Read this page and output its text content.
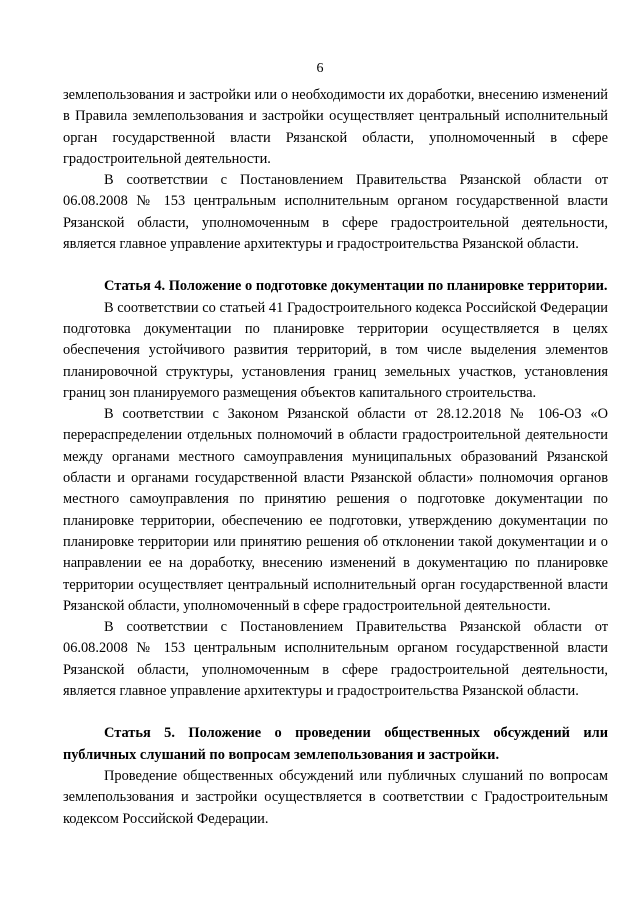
6

землепользования и застройки или о необходимости их доработки, внесению изменений в Правила землепользования и застройки осуществляет центральный исполнительный орган государственной власти Рязанской области, уполномоченный в сфере градостроительной деятельности.

В соответствии с Постановлением Правительства Рязанской области от 06.08.2008 № 153 центральным исполнительным органом государственной власти Рязанской области, уполномоченным в сфере градостроительной деятельности, является главное управление архитектуры и градостроительства Рязанской области.

Статья 4. Положение о подготовке документации по планировке территории.

В соответствии со статьей 41 Градостроительного кодекса Российской Федерации подготовка документации по планировке территории осуществляется в целях обеспечения устойчивого развития территорий, в том числе выделения элементов планировочной структуры, установления границ земельных участков, установления границ зон планируемого размещения объектов капитального строительства.

В соответствии с Законом Рязанской области от 28.12.2018 № 106-ОЗ «О перераспределении отдельных полномочий в области градостроительной деятельности между органами местного самоуправления муниципальных образований Рязанской области и органами государственной власти Рязанской области» полномочия органов местного самоуправления по принятию решения о подготовке документации по планировке территории, обеспечению ее подготовки, утверждению документации по планировке территории или принятию решения об отклонении такой документации и о направлении ее на доработку, внесению изменений в документацию по планировке территории осуществляет центральный исполнительный орган государственной власти Рязанской области, уполномоченный в сфере градостроительной деятельности.

В соответствии с Постановлением Правительства Рязанской области от 06.08.2008 № 153 центральным исполнительным органом государственной власти Рязанской области, уполномоченным в сфере градостроительной деятельности, является главное управление архитектуры и градостроительства Рязанской области.

Статья 5. Положение о проведении общественных обсуждений или публичных слушаний по вопросам землепользования и застройки.

Проведение общественных обсуждений или публичных слушаний по вопросам землепользования и застройки осуществляется в соответствии с Градостроительным кодексом Российской Федерации.
